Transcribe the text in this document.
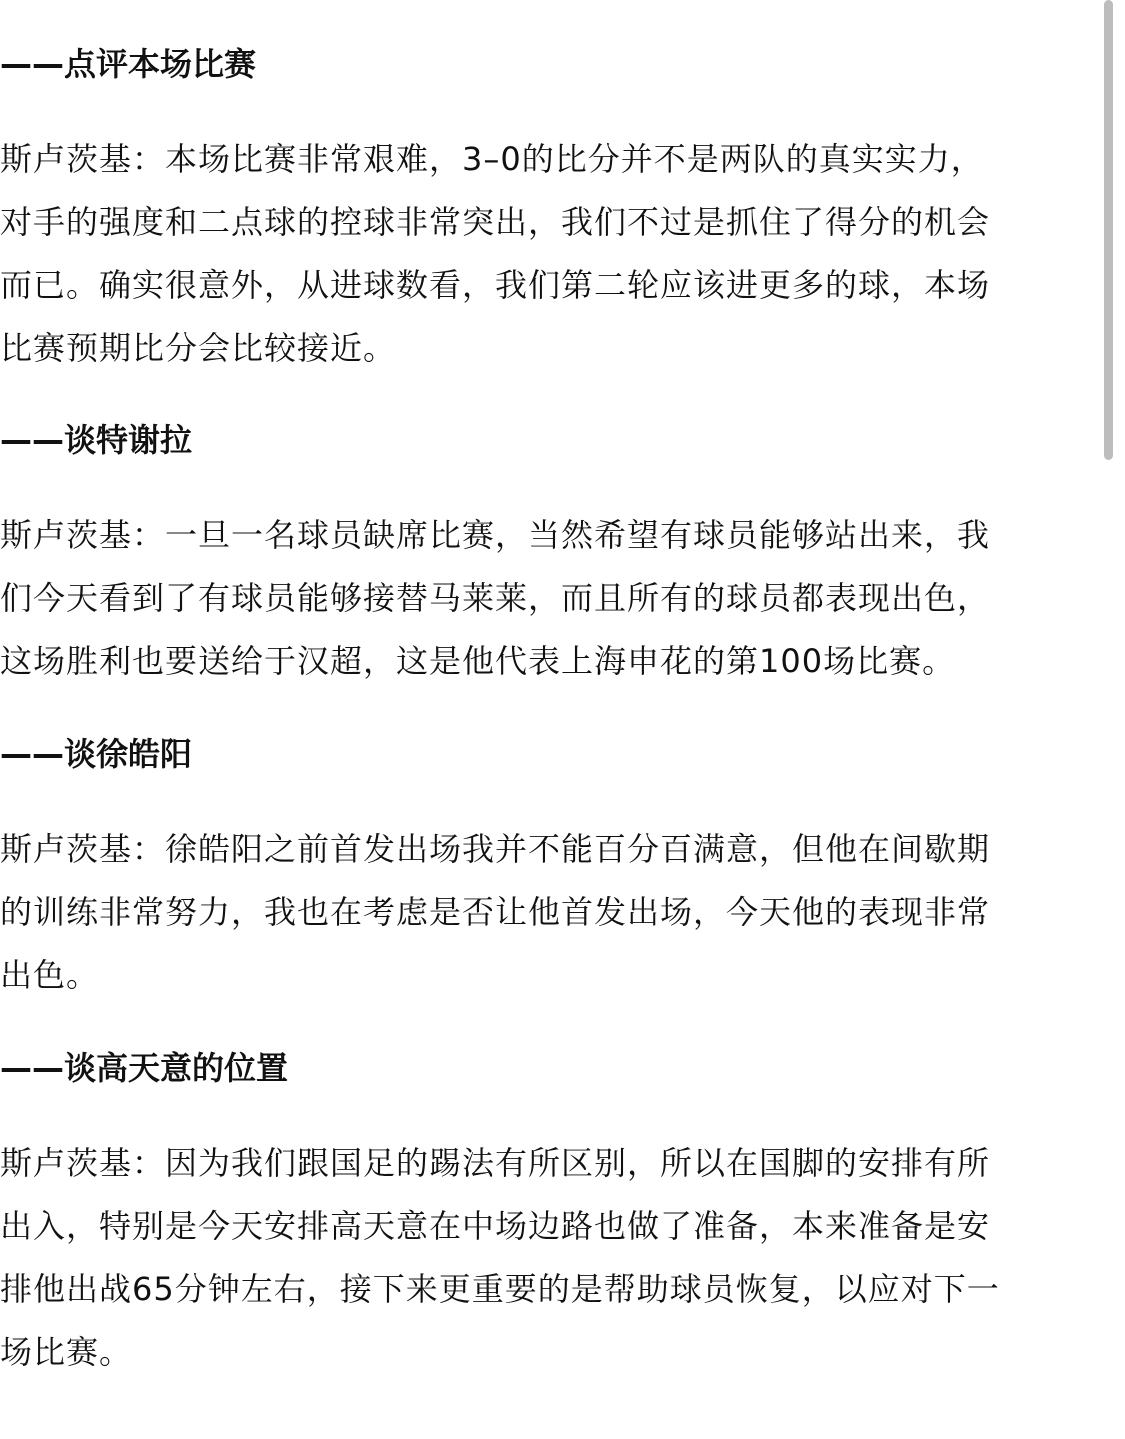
——点评本场比赛
斯卢茨基：本场比赛非常艰难，3–0的比分并不是两队的真实实力，
对手的强度和二点球的控球非常突出，我们不过是抓住了得分的机会
而已。确实很意外，从进球数看，我们第二轮应该进更多的球，本场
比赛预期比分会比较接近。
——谈特谢拉
斯卢茨基：一旦一名球员缺席比赛，当然希望有球员能够站出来，我
们今天看到了有球员能够接替马莱莱，而且所有的球员都表现出色，
这场胜利也要送给于汉超，这是他代表上海申花的第100场比赛。
——谈徐皓阳
斯卢茨基：徐皓阳之前首发出场我并不能百分百满意，但他在间歇期
的训练非常努力，我也在考虑是否让他首发出场，今天他的表现非常
出色。
——谈高天意的位置
斯卢茨基：因为我们跟国足的踢法有所区别，所以在国脚的安排有所
出入，特别是今天安排高天意在中场边路也做了准备，本来准备是安
排他出战65分钟左右，接下来更重要的是帮助球员恢复，以应对下一
场比赛。
